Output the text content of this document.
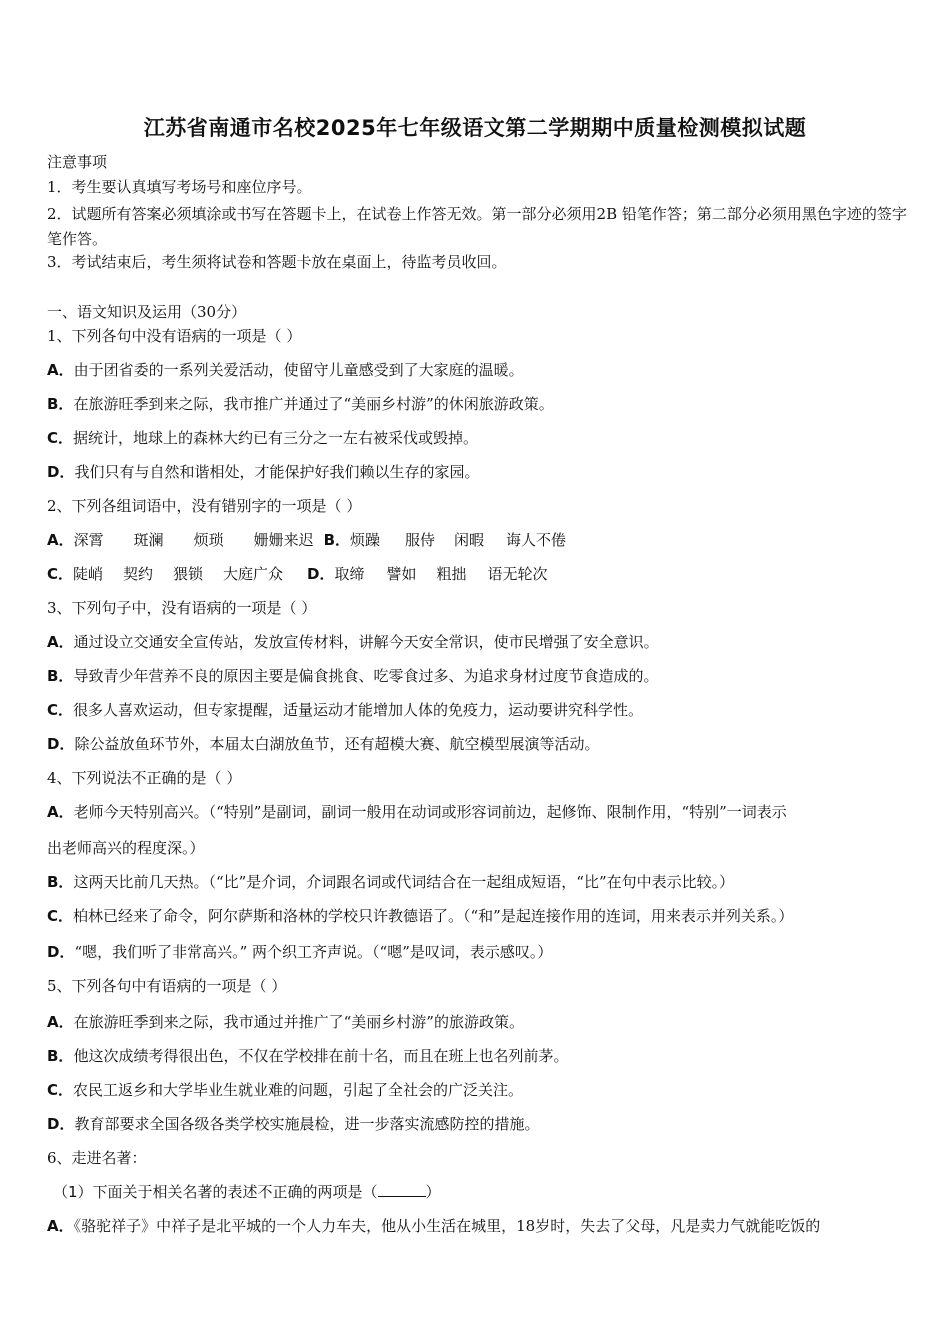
江苏省南通市名校2025年七年级语文第二学期期中质量检测模拟试题
注意事项
1．考生要认真填写考场号和座位序号。
2．试题所有答案必须填涂或书写在答题卡上，在试卷上作答无效。第一部分必须用2B 铅笔作答；第二部分必须用黑色字迹的签字笔作答。
3．考试结束后，考生须将试卷和答题卡放在桌面上，待监考员收回。
一、语文知识及运用（30分）
1、下列各句中没有语病的一项是（ ）
A．由于团省委的一系列关爱活动，使留守儿童感受到了大家庭的温暖。
B．在旅游旺季到来之际，我市推广并通过了“美丽乡村游”的休闲旅游政策。
C．据统计，地球上的森林大约已有三分之一左右被采伐或毁掉。
D．我们只有与自然和谐相处，才能保护好我们赖以生存的家园。
2、下列各组词语中，没有错别字的一项是（ ）
A． 深霄	斑澜	烦琐	姗姗来迟 B． 烦躁	服侍	闲暇	诲人不倦
C． 陡峭	契约	猥锁	大庭广众	D． 取缔	譬如	粗拙	语无轮次
3、下列句子中，没有语病的一项是（ ）
A．通过设立交通安全宣传站，发放宣传材料，讲解今天安全常识，使市民增强了安全意识。
B．导致青少年营养不良的原因主要是偏食挑食、吃零食过多、为追求身材过度节食造成的。
C．很多人喜欢运动，但专家提醒，适量运动才能增加人体的免疫力，运动要讲究科学性。
D．除公益放鱼环节外，本届太白湖放鱼节，还有超模大赛、航空模型展演等活动。
4、下列说法不正确的是（ ）
A．老师今天特别高兴。（“特别”是副词，副词一般用在动词或形容词前边，起修饰、限制作用，“特别”一词表示
出老师高兴的程度深。）
B．这两天比前几天热。（“比”是介词，介词跟名词或代词结合在一起组成短语，“比”在句中表示比较。）
C．柏林已经来了命令，阿尔萨斯和洛林的学校只许教德语了。（“和”是起连接作用的连词，用来表示并列关系。）
D．“嗯，我们听了非常高兴。” 两个织工齐声说。（“嗯”是叹词，表示感叹。）
5、下列各句中有语病的一项是（ ）
A．在旅游旺季到来之际，我市通过并推广了“美丽乡村游”的旅游政策。
B．他这次成绩考得很出色，不仅在学校排在前十名，而且在班上也名列前茅。
C．农民工返乡和大学毕业生就业难的问题，引起了全社会的广泛关注。
D．教育部要求全国各级各类学校实施晨检，进一步落实流感防控的措施。
6、走进名著：
（1）下面关于相关名著的表述不正确的两项是（	）
A．《骆驼祥子》中祥子是北平城的一个人力车夫，他从小生活在城里，18岁时，失去了父母，凡是卖力气就能吃饭的
